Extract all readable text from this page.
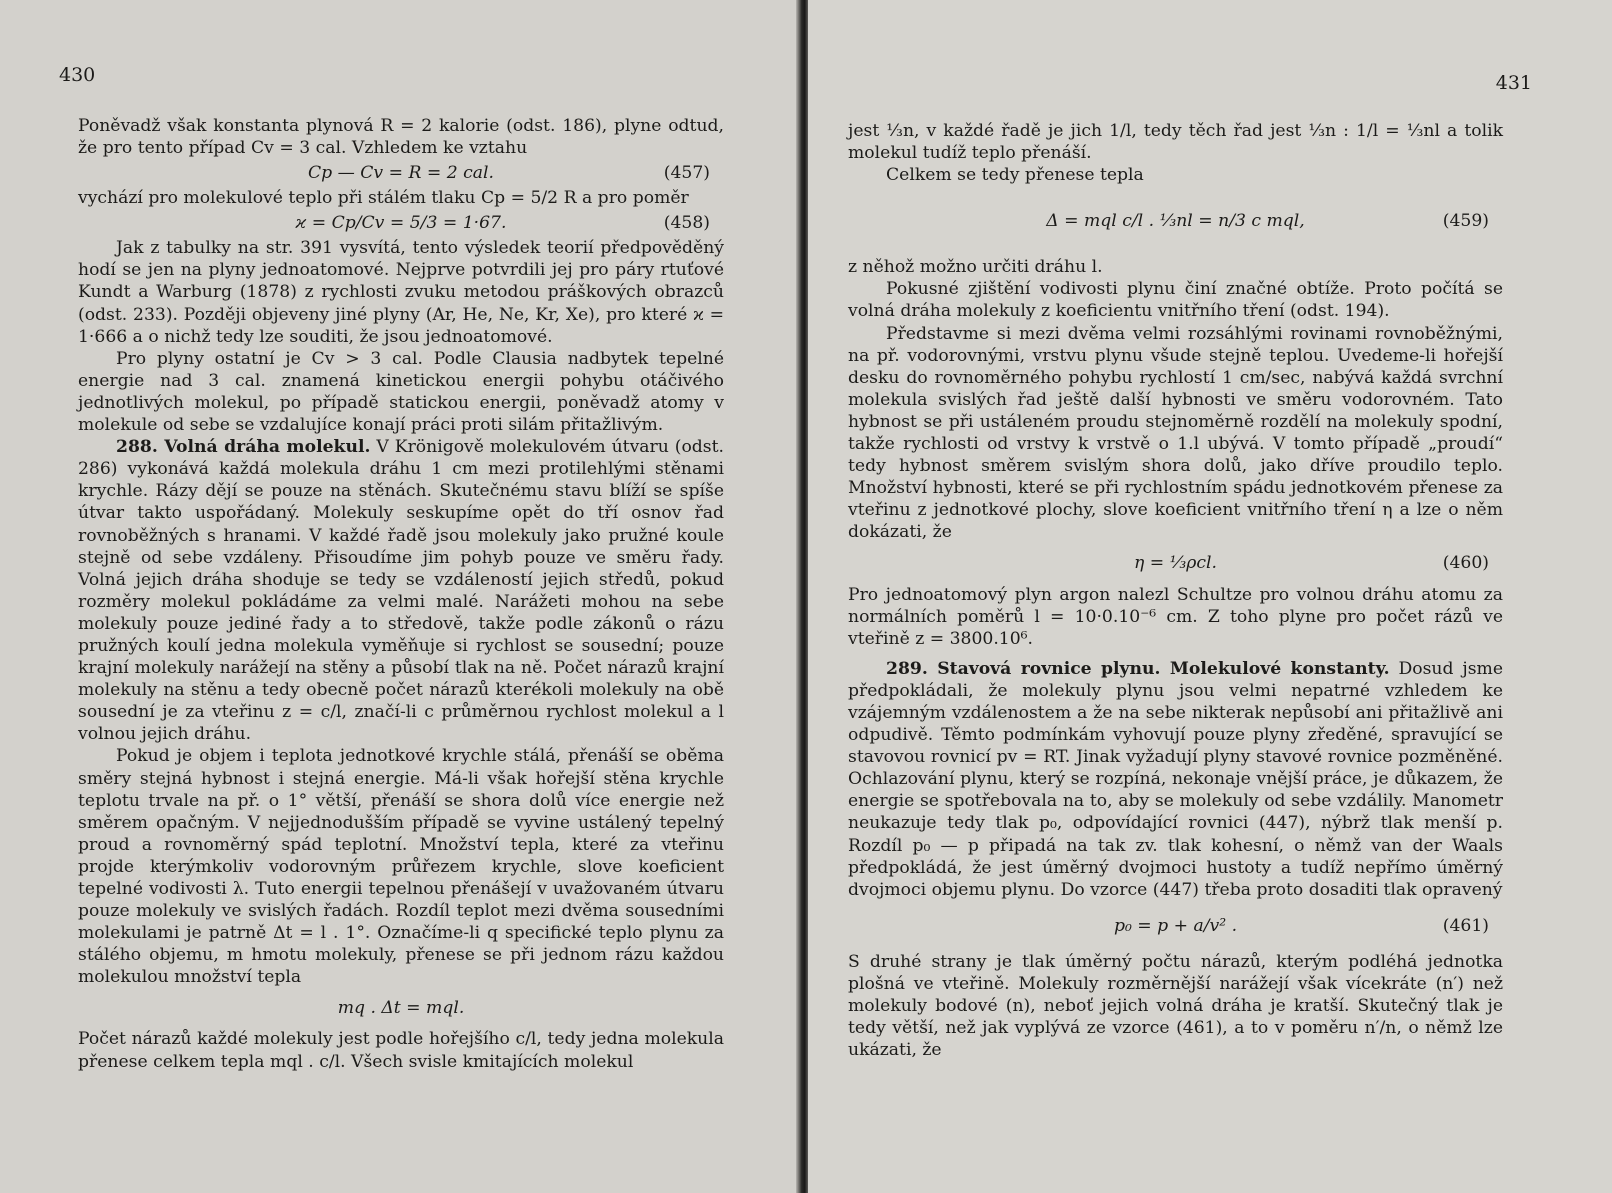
430

Poněvadž však konstanta plynová R = 2 kalorie (odst. 186), plyne odtud, že pro tento případ Cv = 3 cal. Vzhledem ke vztahu

Cp — Cv = R = 2 cal.	(457)

vychází pro molekulové teplo při stálém tlaku Cp = 5/2 R a pro poměr

ϰ = Cp/Cv = 5/3 = 1·67.	(458)

Jak z tabulky na str. 391 vysvítá, tento výsledek teorií předpověděný hodí se jen na plyny jednoatomové. Nejprve potvrdili jej pro páry rtuťové Kundt a Warburg (1878) z rychlosti zvuku metodou práškových obrazců (odst. 233). Později objeveny jiné plyny (Ar, He, Ne, Kr, Xe), pro které ϰ = 1·666 a o nichž tedy lze souditi, že jsou jednoatomové.

Pro plyny ostatní je Cv > 3 cal. Podle Clausia nadbytek tepelné energie nad 3 cal. znamená kinetickou energii pohybu otáčivého jednotlivých molekul, po případě statickou energii, poněvadž atomy v molekule od sebe se vzdalujíce konají práci proti silám přitažlivým.

288. Volná dráha molekul. V Krönigově molekulovém útvaru (odst. 286) vykonává každá molekula dráhu 1 cm mezi protilehlými stěnami krychle. Rázy dějí se pouze na stěnách. Skutečnému stavu blíží se spíše útvar takto uspořádaný. Molekuly seskupíme opět do tří osnov řad rovnoběžných s hranami. V každé řadě jsou molekuly jako pružné koule stejně od sebe vzdáleny. Přisoudíme jim pohyb pouze ve směru řady. Volná jejich dráha shoduje se tedy se vzdáleností jejich středů, pokud rozměry molekul pokládáme za velmi malé. Narážeti mohou na sebe molekuly pouze jediné řady a to středově, takže podle zákonů o rázu pružných koulí jedna molekula vyměňuje si rychlost se sousední; pouze krajní molekuly narážejí na stěny a působí tlak na ně. Počet nárazů krajní molekuly na stěnu a tedy obecně počet nárazů kterékoli molekuly na obě sousední je za vteřinu z = c/l, značí-li c průměrnou rychlost molekul a l volnou jejich dráhu.

Pokud je objem i teplota jednotkové krychle stálá, přenáší se oběma směry stejná hybnost i stejná energie. Má-li však hořejší stěna krychle teplotu trvale na př. o 1° větší, přenáší se shora dolů více energie než směrem opačným. V nejjednodušším případě se vyvine ustálený tepelný proud a rovnoměrný spád teplotní. Množství tepla, které za vteřinu projde kterýmkoliv vodorovným průřezem krychle, slove koeficient tepelné vodivosti λ. Tuto energii tepelnou přenášejí v uvažovaném útvaru pouze molekuly ve svislých řadách. Rozdíl teplot mezi dvěma sousedními molekulami je patrně Δt = l . 1°. Označíme-li q specifické teplo plynu za stálého objemu, m hmotu molekuly, přenese se při jednom rázu každou molekulou množství tepla

mq . Δt = mql.

Počet nárazů každé molekuly jest podle hořejšího c/l, tedy jedna molekula přenese celkem tepla mql . c/l. Všech svisle kmitajících molekul

431

jest ⅓n, v každé řadě je jich 1/l, tedy těch řad jest ⅓n : 1/l = ⅓nl a tolik molekul tudíž teplo přenáší.

Celkem se tedy přenese tepla

Δ = mql c/l . ⅓nl = n/3 c mql,	(459)

z něhož možno určiti dráhu l.

Pokusné zjištění vodivosti plynu činí značné obtíže. Proto počítá se volná dráha molekuly z koeficientu vnitřního tření (odst. 194).

Představme si mezi dvěma velmi rozsáhlými rovinami rovnoběžnými, na př. vodorovnými, vrstvu plynu všude stejně teplou. Uvedeme-li hořejší desku do rovnoměrného pohybu rychlostí 1 cm/sec, nabývá každá svrchní molekula svislých řad ještě další hybnosti ve směru vodorovném. Tato hybnost se při ustáleném proudu stejnoměrně rozdělí na molekuly spodní, takže rychlosti od vrstvy k vrstvě o 1.l ubývá. V tomto případě „proudí“ tedy hybnost směrem svislým shora dolů, jako dříve proudilo teplo. Množství hybnosti, které se při rychlostním spádu jednotkovém přenese za vteřinu z jednotkové plochy, slove koeficient vnitřního tření η a lze o něm dokázati, že

η = ⅓ρcl.	(460)

Pro jednoatomový plyn argon nalezl Schultze pro volnou dráhu atomu za normálních poměrů l = 10·0.10⁻⁶ cm. Z toho plyne pro počet rázů ve vteřině z = 3800.10⁶.

289. Stavová rovnice plynu. Molekulové konstanty. Dosud jsme předpokládali, že molekuly plynu jsou velmi nepatrné vzhledem ke vzájemným vzdálenostem a že na sebe nikterak nepůsobí ani přitažlivě ani odpudivě. Těmto podmínkám vyhovují pouze plyny zředěné, spravující se stavovou rovnicí pv = RT. Jinak vyžadují plyny stavové rovnice pozměněné. Ochlazování plynu, který se rozpíná, nekonaje vnější práce, je důkazem, že energie se spotřebovala na to, aby se molekuly od sebe vzdálily. Manometr neukazuje tedy tlak p₀, odpovídající rovnici (447), nýbrž tlak menší p. Rozdíl p₀ — p připadá na tak zv. tlak kohesní, o němž van der Waals předpokládá, že jest úměrný dvojmoci hustoty a tudíž nepřímo úměrný dvojmoci objemu plynu. Do vzorce (447) třeba proto dosaditi tlak opravený

p₀ = p + a/v² .	(461)

S druhé strany je tlak úměrný počtu nárazů, kterým podléhá jednotka plošná ve vteřině. Molekuly rozměrnější narážejí však vícekráte (n′) než molekuly bodové (n), neboť jejich volná dráha je kratší. Skutečný tlak je tedy větší, než jak vyplývá ze vzorce (461), a to v poměru n′/n, o němž lze ukázati, že
